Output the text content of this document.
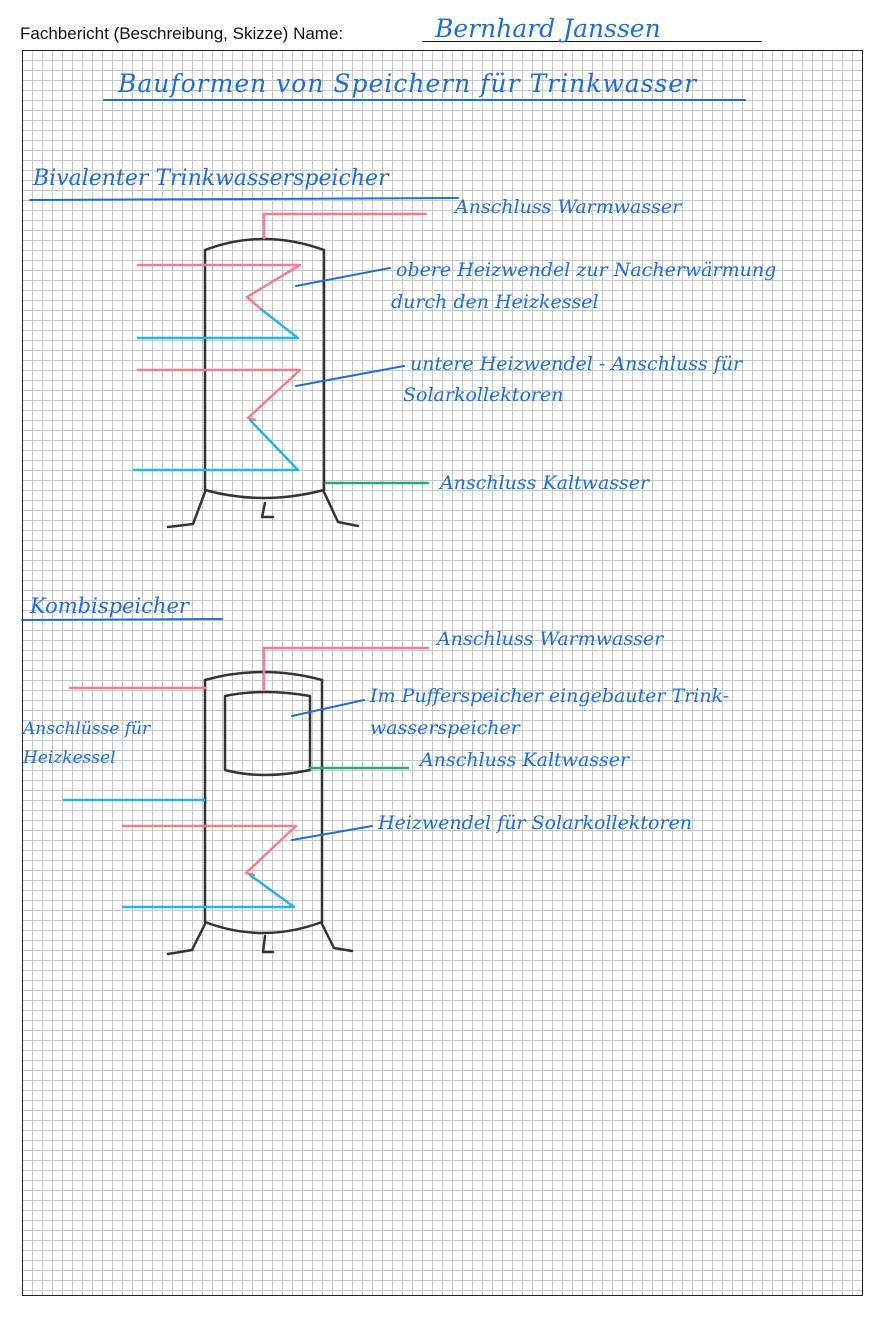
Fachbericht (Beschreibung, Skizze) Name:	Bernhard Janssen
Bauformen von Speichern für Trinkwasser
Bivalenter Trinkwasserspeicher
Anschluss Warmwasser
obere Heizwendel zur Nacherwärmung
durch den Heizkessel
untere Heizwendel - Anschluss für
Solarkollektoren
Anschluss Kaltwasser
Kombispeicher
Anschluss Warmwasser
Im Pufferspeicher eingebauter Trink-
wasserspeicher
Anschluss Kaltwasser
Anschlüsse für
Heizkessel
Heizwendel für Solarkollektoren
